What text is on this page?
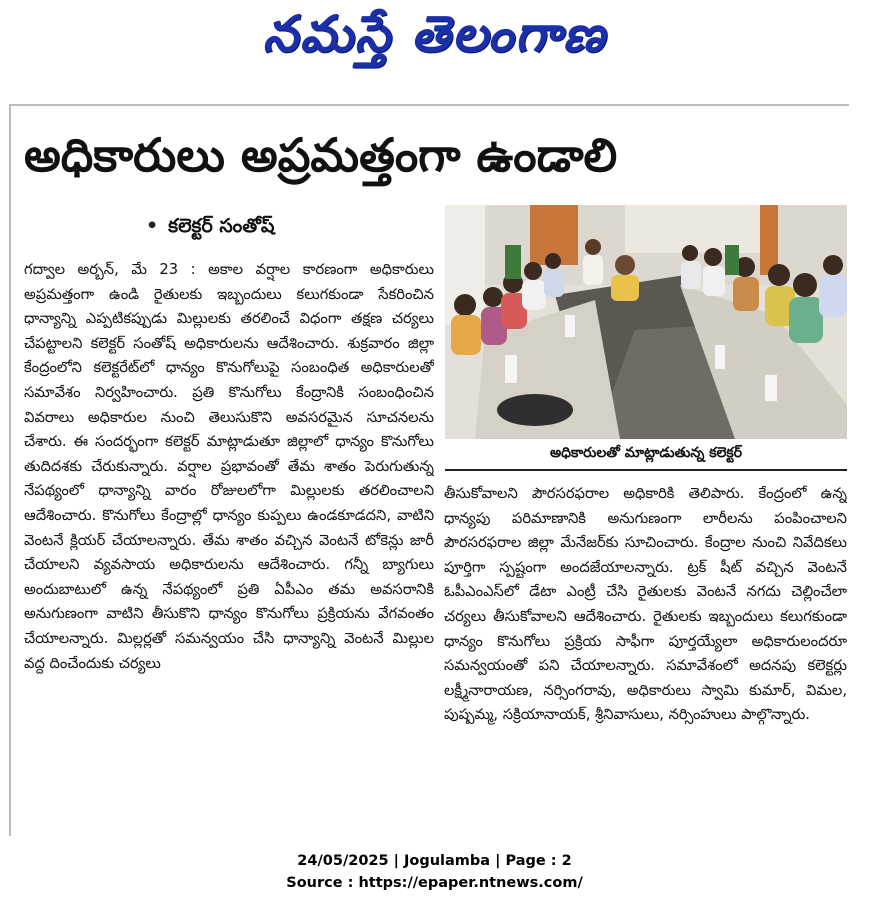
నమస్తే తెలంగాణ
అధికారులు అప్రమత్తంగా ఉండాలి
• కలెక్టర్ సంతోష్

గద్వాల అర్బన్, మే 23 : అకాల వర్షాల కారణంగా అధికారులు అప్రమత్తంగా ఉండి రైతులకు ఇబ్బందులు కలుగకుండా సేకరించిన ధాన్యాన్ని ఎప్పటికప్పుడు మిల్లులకు తరలించే విధంగా తక్షణ చర్యలు చేపట్టాలని కలెక్టర్ సంతోష్ అధికారులను ఆదేశించారు. శుక్రవారం జిల్లా కేంద్రంలోని కలెక్టరేట్‌లో ధాన్యం కొనుగోలుపై సంబంధిత అధికారులతో సమావేశం నిర్వహించారు. ప్రతి కొనుగోలు కేంద్రానికి సంబంధించిన వివరాలు అధికారుల నుంచి తెలుసుకొని అవసరమైన సూచనలను చేశారు. ఈ సందర్భంగా కలెక్టర్ మాట్లాడుతూ జిల్లాలో ధాన్యం కొనుగోలు తుదిదశకు చేరుకున్నారు. వర్షాల ప్రభావంతో తేమ శాతం పెరుగుతున్న నేపథ్యంలో ధాన్యాన్ని వారం రోజులలోగా మిల్లులకు తరలించాలని ఆదేశించారు. కొనుగోలు కేంద్రాల్లో ధాన్యం కుప్పలు ఉండకూడదని, వాటిని వెంటనే క్లియర్ చేయాలన్నారు. తేమ శాతం వచ్చిన వెంటనే టోకెన్లు జారీ చేయాలని వ్యవసాయ అధికారులను ఆదేశించారు. గన్నీ బ్యాగులు అందుబాటులో ఉన్న నేపథ్యంలో ప్రతి ఏపీఎం తమ అవసరానికి అనుగుణంగా వాటిని తీసుకొని ధాన్యం కొనుగోలు ప్రక్రియను వేగవంతం చేయాలన్నారు. మిల్లర్లతో సమన్వయం చేసి ధాన్యాన్ని వెంటనే మిల్లుల వద్ద దించేందుకు చర్యలు

అధికారులతో మాట్లాడుతున్న కలెక్టర్

తీసుకోవాలని పౌరసరఫరాల అధికారికి తెలిపారు. కేంద్రంలో ఉన్న ధాన్యపు పరిమాణానికి అనుగుణంగా లారీలను పంపించాలని పౌరసరఫరాల జిల్లా మేనేజర్‌కు సూచించారు. కేంద్రాల నుంచి నివేదికలు పూర్తిగా స్పష్టంగా అందజేయాలన్నారు. ట్రక్ షీట్ వచ్చిన వెంటనే ఓపీఎంఎస్‌లో డేటా ఎంట్రీ చేసి రైతులకు వెంటనే నగదు చెల్లించేలా చర్యలు తీసుకోవాలని ఆదేశించారు. రైతులకు ఇబ్బందులు కలుగకుండా ధాన్యం కొనుగోలు ప్రక్రియ సాఫీగా పూర్తయ్యేలా అధికారులందరూ సమన్వయంతో పని చేయాలన్నారు. సమావేశంలో అదనపు కలెక్టర్లు లక్ష్మీనారాయణ, నర్సింగరావు, అధికారులు స్వామి కుమార్, విమల, పుష్పమ్మ, సక్రియానాయక్, శ్రీనివాసులు, నర్సింహులు పాల్గొన్నారు.

24/05/2025 | Jogulamba | Page : 2
Source : https://epaper.ntnews.com/
